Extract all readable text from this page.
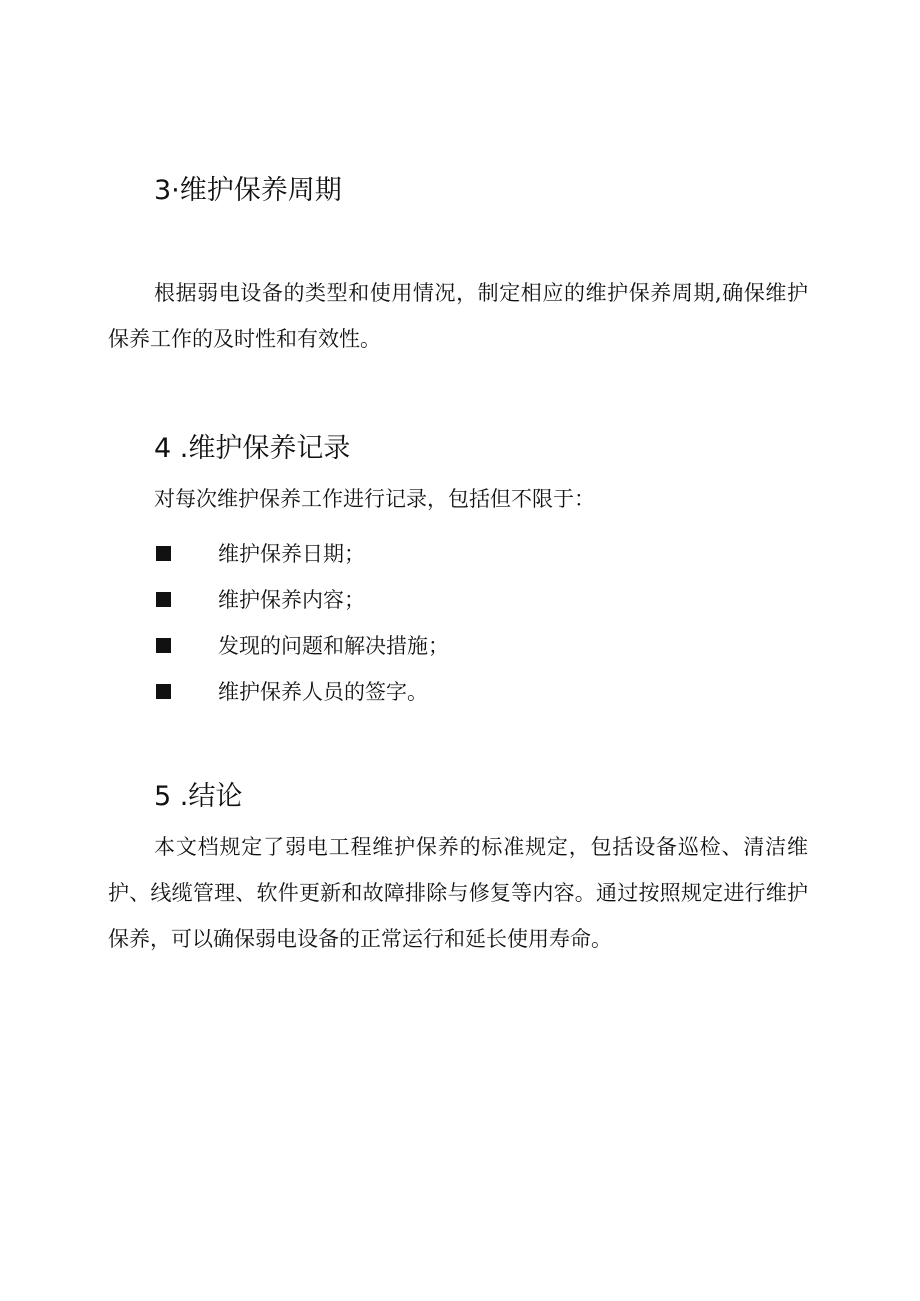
3·维护保养周期

根据弱电设备的类型和使用情况，制定相应的维护保养周期,确保维护保养工作的及时性和有效性。

4 .维护保养记录

对每次维护保养工作进行记录，包括但不限于：

维护保养日期；
维护保养内容；
发现的问题和解决措施；
维护保养人员的签字。
5 .结论

本文档规定了弱电工程维护保养的标准规定，包括设备巡检、清洁维护、线缆管理、软件更新和故障排除与修复等内容。通过按照规定进行维护保养，可以确保弱电设备的正常运行和延长使用寿命。
